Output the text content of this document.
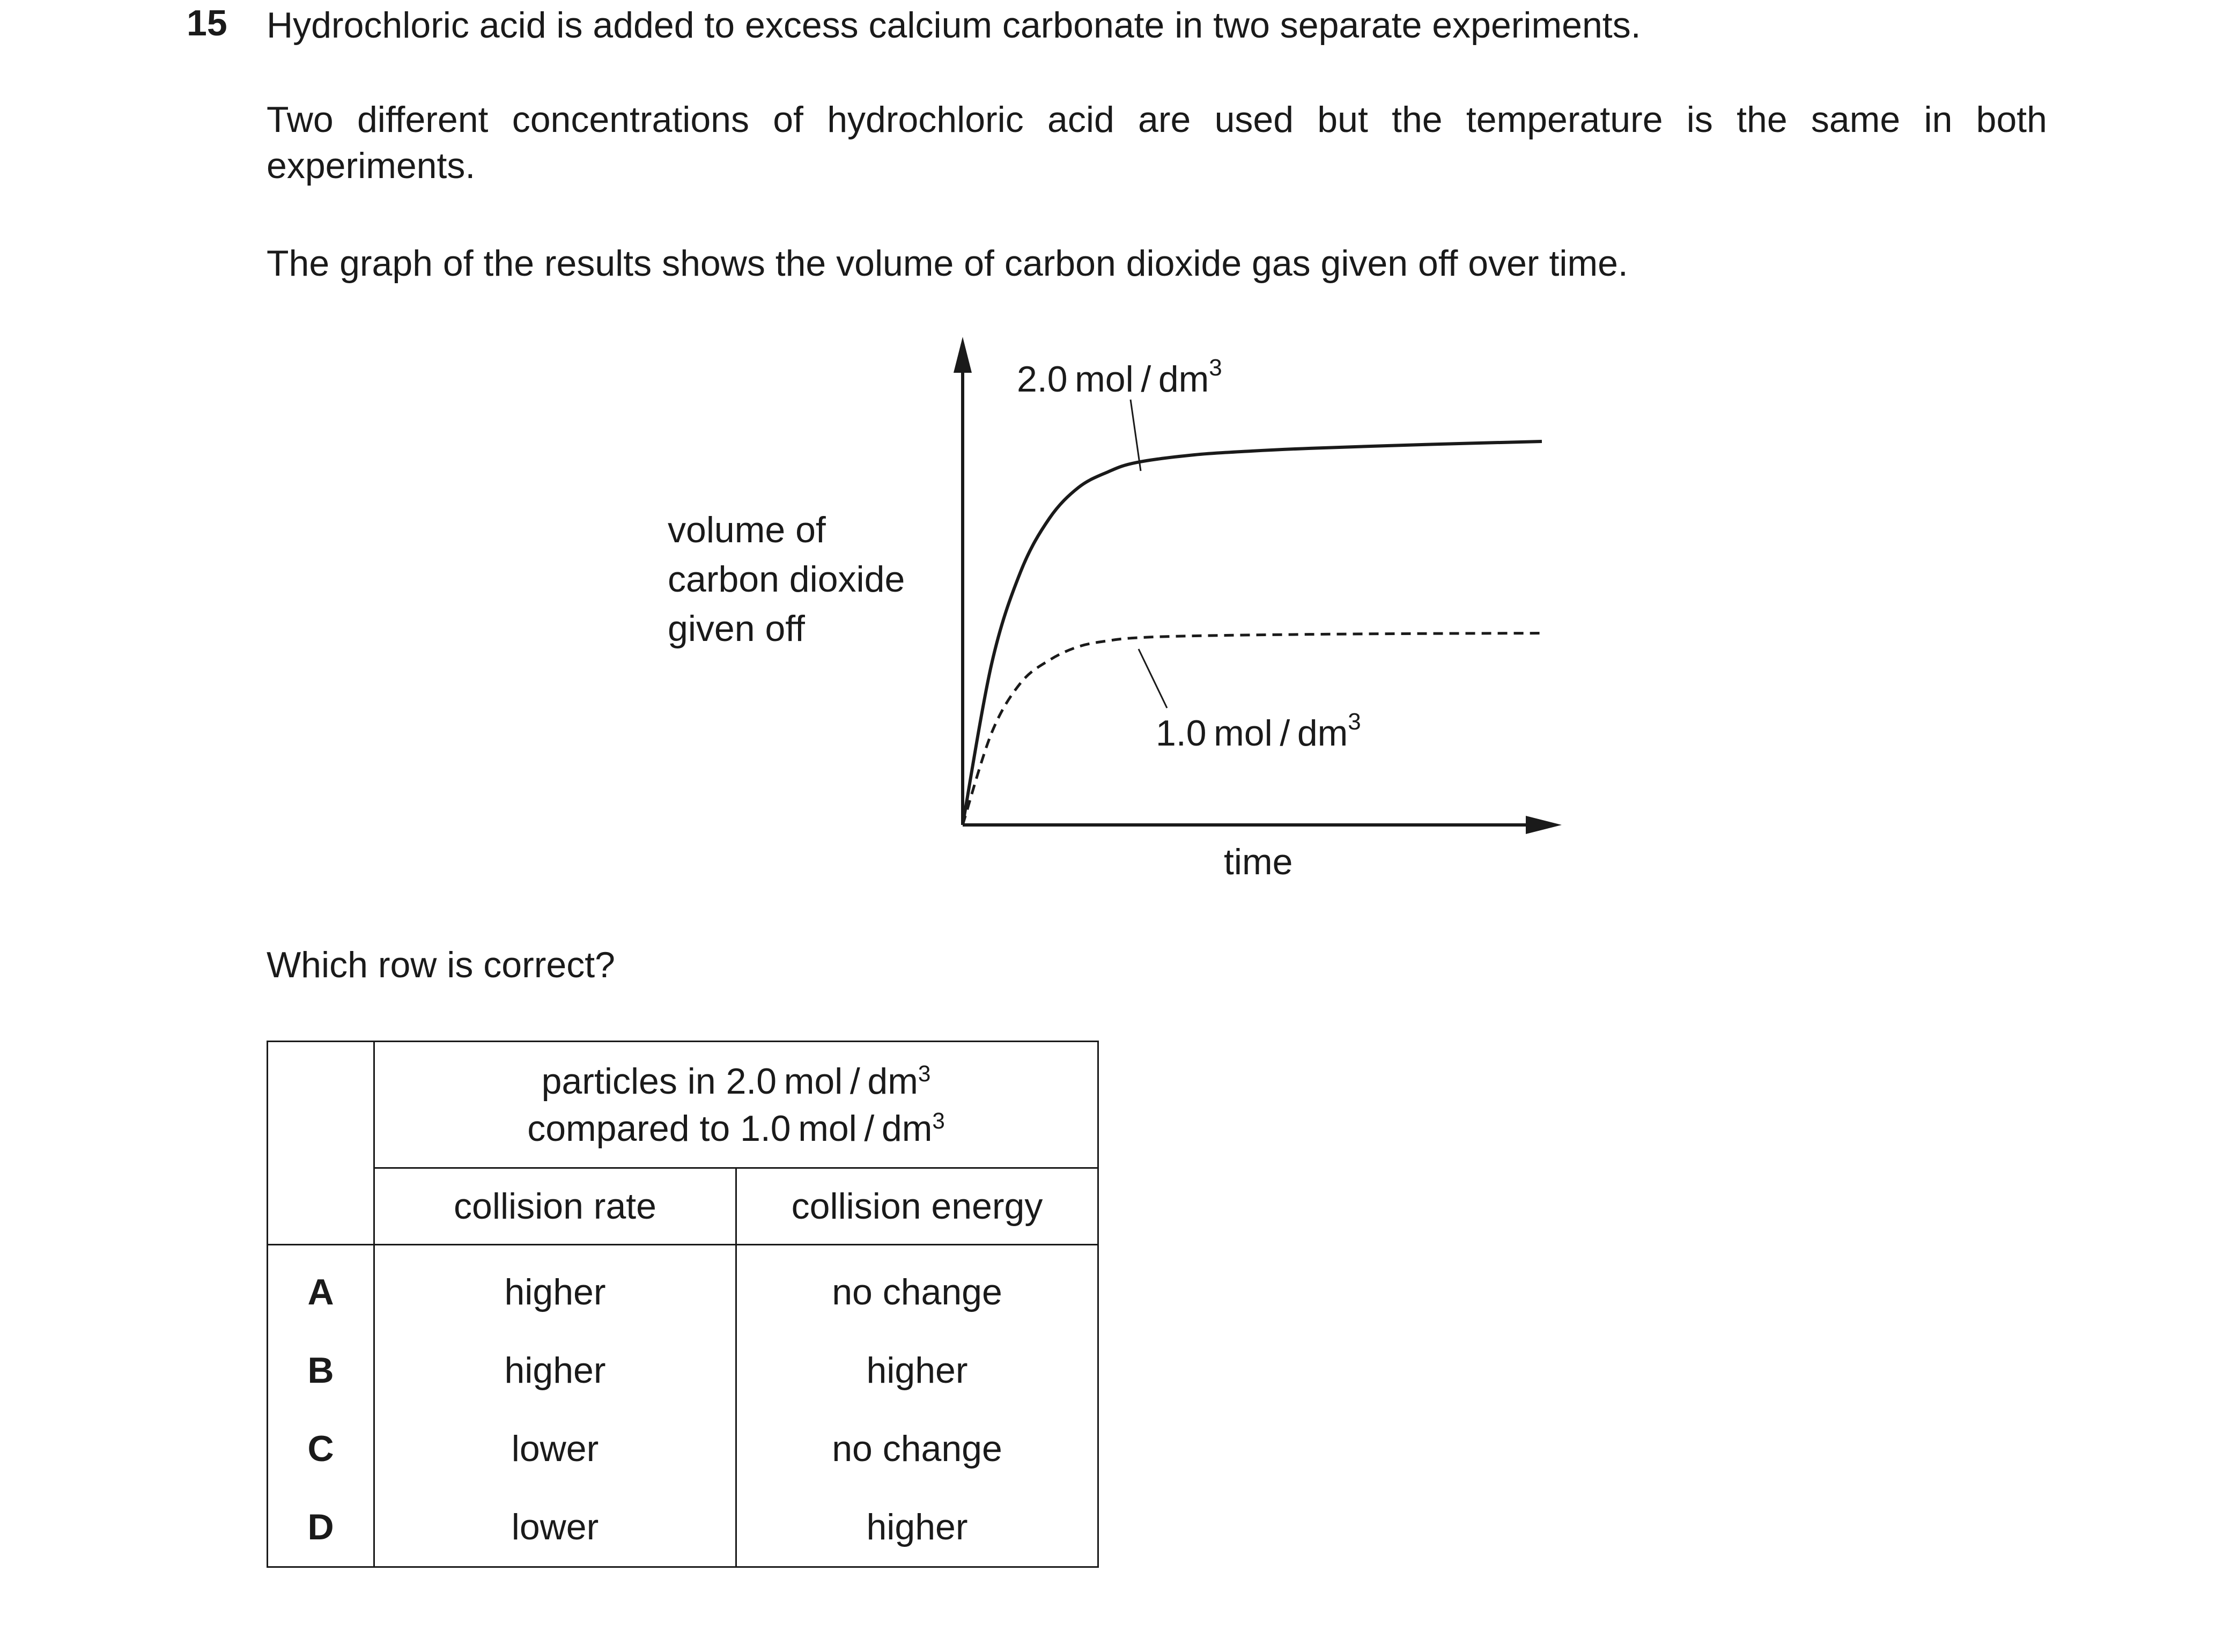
15 Hydrochloric acid is added to excess calcium carbonate in two separate experiments.
Two different concentrations of hydrochloric acid are used but the temperature is the same in both experiments.
The graph of the results shows the volume of carbon dioxide gas given off over time.
2.0 mol / $dm^3$
1.0 mol / $dm^3$
time
volume of
carbon dioxide
given off
Which row is correct?

	particles in 2.0 mol / $dm^3$
compared to 1.0 mol / $dm^3$

	collision rate	collision energy
A	higher	no change
B	higher	higher
C	lower	no change
D	lower	higher
